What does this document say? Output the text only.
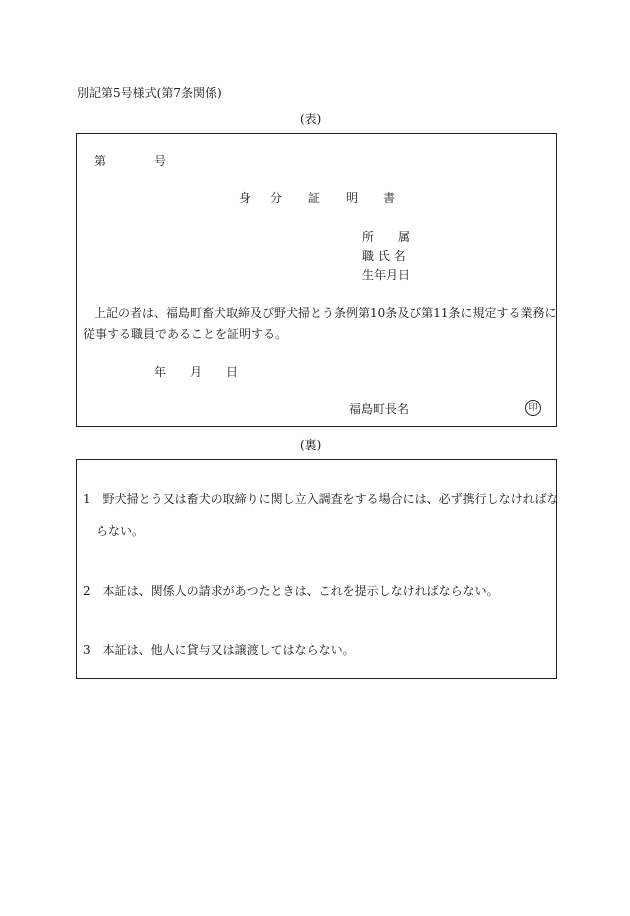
別記第5号様式(第7条関係)
(表)
第	号
身 分 証 明 書
所 属
職 氏 名
生年月日
上記の者は、福島町畜犬取締及び野犬掃とう条例第10条及び第11条に規定する業務に
従事する職員であることを証明する。
年 月 日
福島町長名	印
(裏)
1　野犬掃とう又は畜犬の取締りに関し立入調査をする場合には、必ず携行しなければな
らない。
2　本証は、関係人の請求があつたときは、これを提示しなければならない。
3　本証は、他人に貸与又は譲渡してはならない。
